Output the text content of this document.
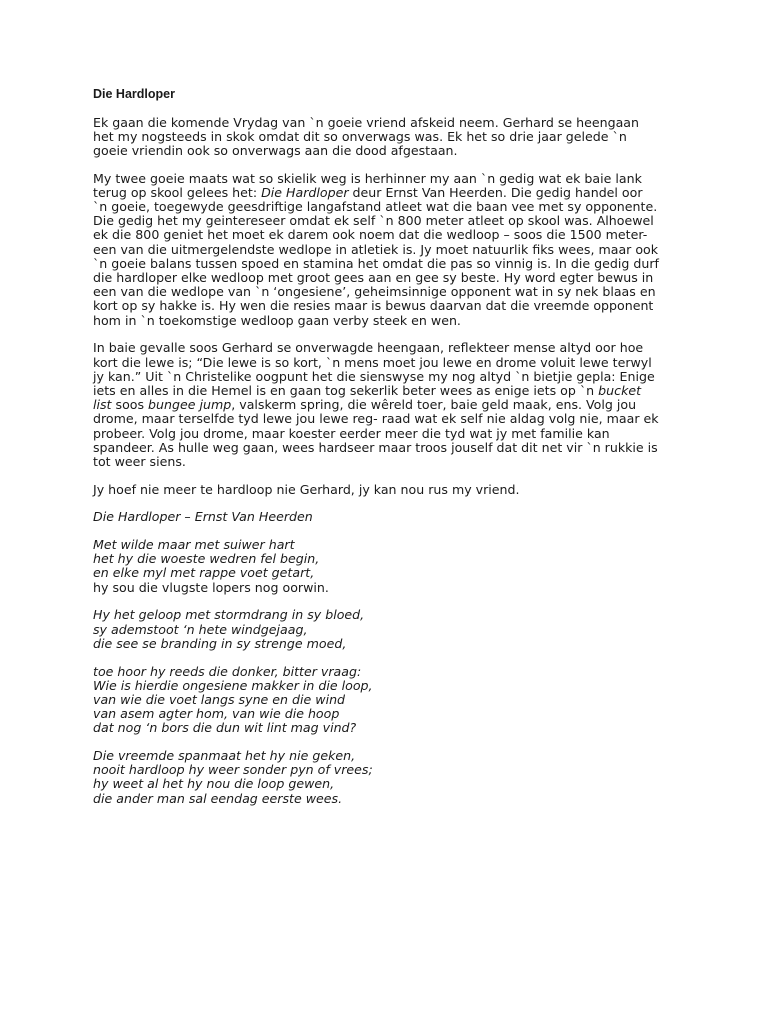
Die Hardloper
Ek gaan die komende Vrydag van `n goeie vriend afskeid neem. Gerhard se heengaan
het my nogsteeds in skok omdat dit so onverwags was. Ek het so drie jaar gelede `n
goeie vriendin ook so onverwags aan die dood afgestaan.
My twee goeie maats wat so skielik weg is herhinner my aan `n gedig wat ek baie lank
terug op skool gelees het: Die Hardloper deur Ernst Van Heerden. Die gedig handel oor
`n goeie, toegewyde geesdriftige langafstand atleet wat die baan vee met sy opponente.
Die gedig het my geintereseer omdat ek self `n 800 meter atleet op skool was. Alhoewel
ek die 800 geniet het moet ek darem ook noem dat die wedloop – soos die 1500 meter-
een van die uitmergelendste wedlope in atletiek is. Jy moet natuurlik fiks wees, maar ook
`n goeie balans tussen spoed en stamina het omdat die pas so vinnig is. In die gedig durf
die hardloper elke wedloop met groot gees aan en gee sy beste. Hy word egter bewus in
een van die wedlope van `n ‘ongesiene’, geheimsinnige opponent wat in sy nek blaas en
kort op sy hakke is. Hy wen die resies maar is bewus daarvan dat die vreemde opponent
hom in `n toekomstige wedloop gaan verby steek en wen.
In baie gevalle soos Gerhard se onverwagde heengaan, reflekteer mense altyd oor hoe
kort die lewe is; “Die lewe is so kort, `n mens moet jou lewe en drome voluit lewe terwyl
jy kan.” Uit `n Christelike oogpunt het die sienswyse my nog altyd `n bietjie gepla: Enige
iets en alles in die Hemel is en gaan tog sekerlik beter wees as enige iets op `n bucket
list soos bungee jump, valskerm spring, die wêreld toer, baie geld maak, ens. Volg jou
drome, maar terselfde tyd lewe jou lewe reg- raad wat ek self nie aldag volg nie, maar ek
probeer. Volg jou drome, maar koester eerder meer die tyd wat jy met familie kan
spandeer. As hulle weg gaan, wees hardseer maar troos jouself dat dit net vir `n rukkie is
tot weer siens.
Jy hoef nie meer te hardloop nie Gerhard, jy kan nou rus my vriend.
Die Hardloper – Ernst Van Heerden
Met wilde maar met suiwer hart
het hy die woeste wedren fel begin,
en elke myl met rappe voet getart,
hy sou die vlugste lopers nog oorwin.
Hy het geloop met stormdrang in sy bloed,
sy ademstoot ‘n hete windgejaag,
die see se branding in sy strenge moed,
toe hoor hy reeds die donker, bitter vraag:
Wie is hierdie ongesiene makker in die loop,
van wie die voet langs syne en die wind
van asem agter hom, van wie die hoop
dat nog ‘n bors die dun wit lint mag vind?
Die vreemde spanmaat het hy nie geken,
nooit hardloop hy weer sonder pyn of vrees;
hy weet al het hy nou die loop gewen,
die ander man sal eendag eerste wees.
